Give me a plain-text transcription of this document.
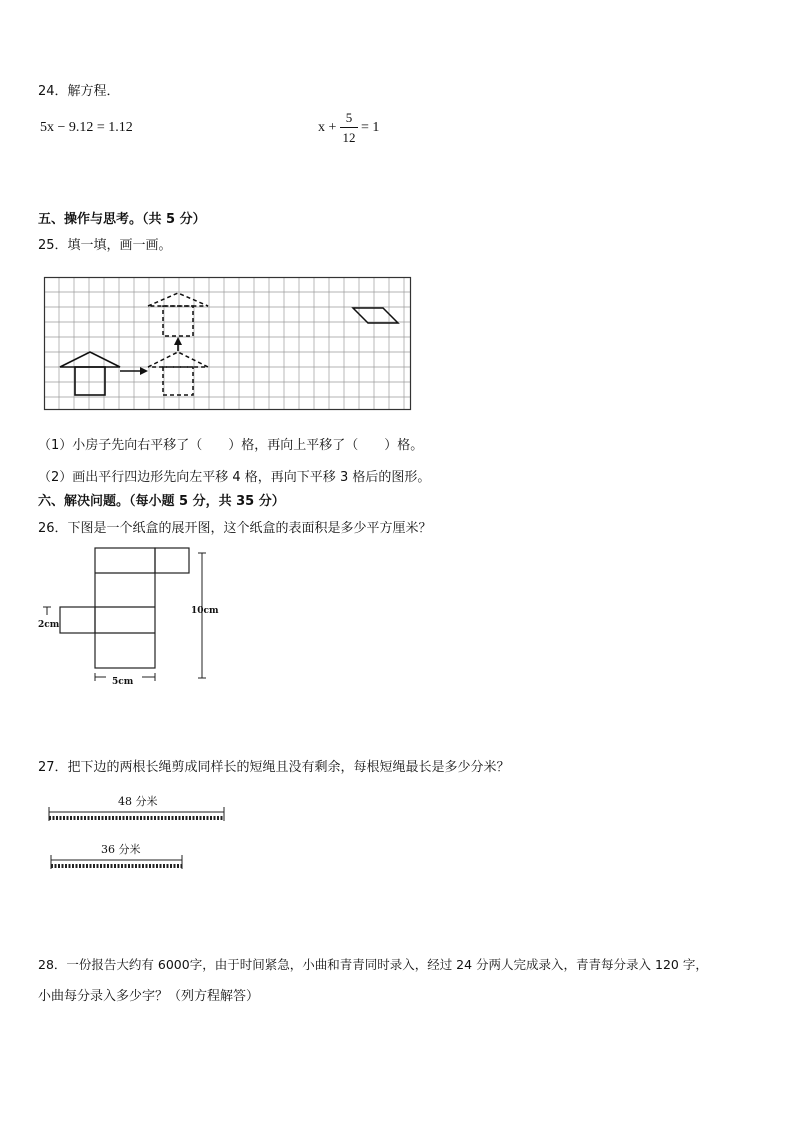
24．解方程．
5x − 9.12 = 1.12	x +
5
12
= 1
五、操作与思考。（共 5 分）
25．填一填，画一画。
（1）小房子先向右平移了（　　）格，再向上平移了（　　）格。
（2）画出平行四边形先向左平移 4 格，再向下平移 3 格后的图形。
六、解决问题。（每小题 5 分，共 35 分）
26．下图是一个纸盒的展开图，这个纸盒的表面积是多少平方厘米？
10cm
2cm
5cm
27．把下边的两根长绳剪成同样长的短绳且没有剩余，每根短绳最长是多少分米？
48 分米
36 分米
28．一份报告大约有 6000字，由于时间紧急，小曲和青青同时录入，经过 24 分两人完成录入，青青每分录入 120 字，
小曲每分录入多少字？（列方程解答）
